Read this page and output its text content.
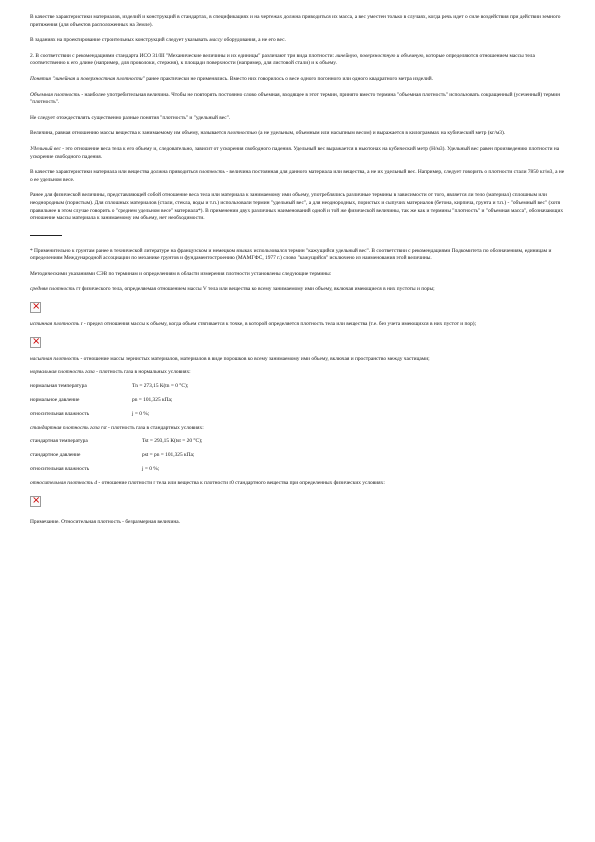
В качестве характеристики материалов, изделий и конструкций в стандартах, в спецификациях и на чертежах должна приводиться их масса, а вес уместен только в случаях, когда речь идет о силе воздействия при действии земного притяжения (для объектов расположенных на Земле).

В заданиях на проектирование строительных конструкций следует указывать массу оборудования, а не его вес.

2. В соответствии с рекомендациями стандарта ИСО 31/III "Механические величины и их единицы" различают три вида плотности: линейную, поверхностную и объемную, которые определяются отношением массы тела соответственно к его длине (например, для проволоки, стержня), к площади поверхности (например, для листовой стали) и к объему.

Понятия "линейная и поверхностная плотности" ранее практически не применялись. Вместо них говорилось о весе одного погонного или одного квадратного метра изделий.

Объемная плотность - наиболее употребительная величина. Чтобы не повторять постоянно слово объемная, входящее в этот термин, принято вместо термина "объемная плотность" использовать сокращенный (усеченный) термин "плотность".

Не следует отождествлять существенно разные понятия "плотность" и "удельный вес".

Величина, равная отношению массы вещества к занимаемому им объему, называется плотностью (а не удельным, объемным или насыпным весом) и выражается в килограммах на кубический метр (кг/м3).

Удельный вес - это отношение веса тела к его объему и, следовательно, зависит от ускорения свободного падения. Удельный вес выражается в ньютонах на кубический метр (Н/м3). Удельный вес равен произведению плотности на ускорение свободного падения.

В качестве характеристики материала или вещества должна приводиться плотность - величина постоянная для данного материала или вещества, а не их удельный вес. Например, следует говорить о плотности стали 7850 кг/м3, а не о ее удельном весе.

Ранее для физической величины, представляющей собой отношение веса тела или материала к занимаемому ими объему, употреблялись различные термины в зависимости от того, является ли тело (материал) сплошным или неоднородным (пористым). Для сплошных материалов (стали, стекла, воды и т.п.) использовали термин "удельный вес", а для неоднородных, пористых и сыпучих материалов (бетона, кирпича, грунта и т.п.) - "объемный вес" (хотя правильнее в этом случае говорить о "среднем удельном весе" материала*). В применении двух различных наименований одной и той же физической величины, так же как и термины "плотность" и "объемная масса", обозначающих отношение массы материала к занимаемому им объему, нет необходимости.

* Применительно к грунтам ранее в технической литературе на французском и немецком языках использовался термин "кажущийся удельный вес". В соответствии с рекомендациями Подкомитета по обозначениям, единицам и определениям Международной ассоциации по механике грунтов и фундаментостроению (МАМГФС, 1977 г.) слово "кажущийся" исключено из наименования этой величины.

Методическими указаниями СЭВ по терминам и определениям в области измерения плотности установлены следующие термины:

средняя плотность rт физического тела, определяемая отношением массы V тела или вещества ко всему занимаемому ими объему, включая имеющиеся в них пустоты и поры;

×

истинная плотность r - предел отношения массы к объему, когда объем стягивается к точке, в которой определяется плотность тела или вещества (т.е. без учета имеющихся в них пустот и пор);

×

насыпная плотность - отношение массы зернистых материалов, материалов в виде порошков ко всему занимаемому ими объему, включая и пространство между частицами;

нормальная плотность газа - плотность газа в нормальных условиях:

нормальная температура	Tn = 273,15 К(tn = 0 °С);
нормальное давление	pn = 101,325 кПа;
относительная влажность	j = 0 %;

стандартная плотность газа rst - плотность газа в стандартных условиях:

стандартная температура	Tst = 293,15 К(tst = 20 °С);
стандартное давление	pst = pn = 101,325 кПа;
относительная влажность	j = 0 %;

относительная плотность d - отношение плотности r тела или вещества к плотности r0 стандартного вещества при определенных физических условиях:

×

Примечание. Относительная плотность - безразмерная величина.
